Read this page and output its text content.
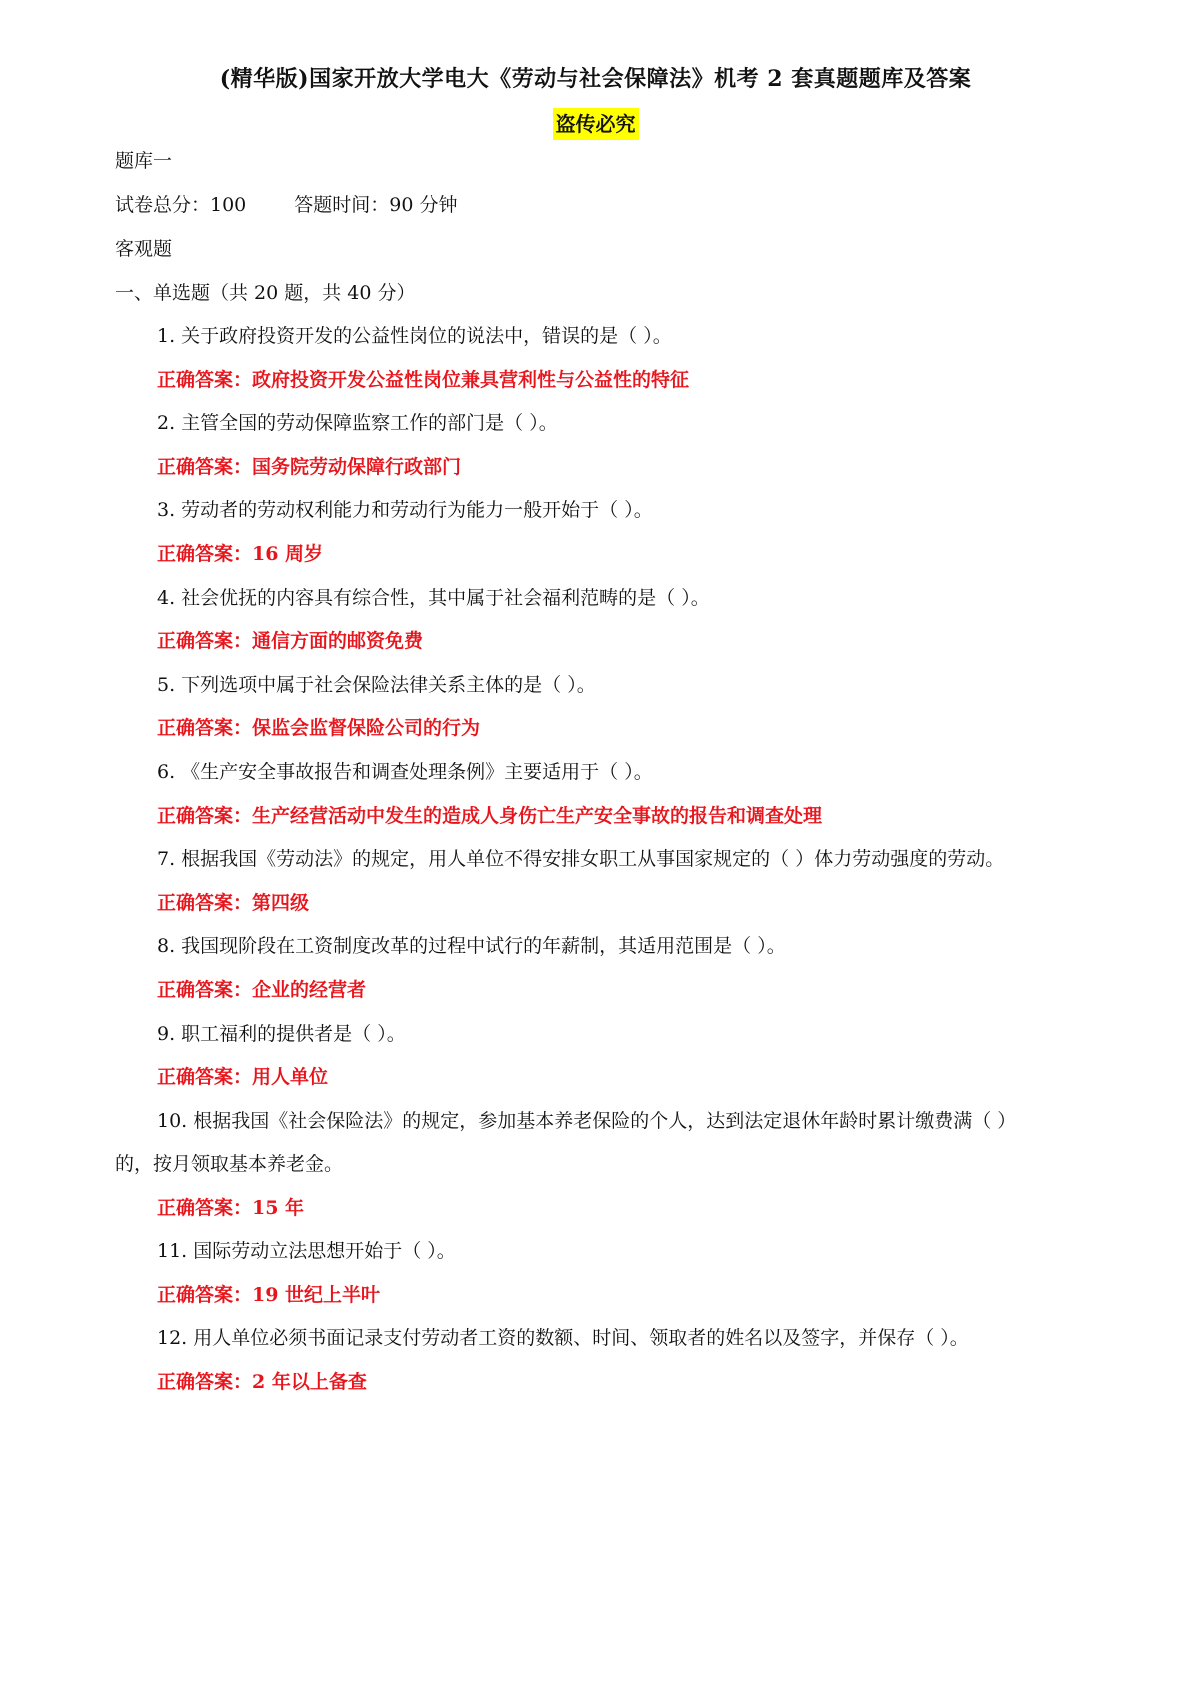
(精华版)国家开放大学电大《劳动与社会保障法》机考 2 套真题题库及答案
盗传必究
题库一
试卷总分：100	答题时间：90 分钟
客观题
一、单选题（共 20 题，共 40 分）
1. 关于政府投资开发的公益性岗位的说法中，错误的是（ ）。
正确答案：政府投资开发公益性岗位兼具营利性与公益性的特征
2. 主管全国的劳动保障监察工作的部门是（ ）。
正确答案：国务院劳动保障行政部门
3. 劳动者的劳动权利能力和劳动行为能力一般开始于（ ）。
正确答案：16 周岁
4. 社会优抚的内容具有综合性，其中属于社会福利范畴的是（ ）。
正确答案：通信方面的邮资免费
5. 下列选项中属于社会保险法律关系主体的是（ ）。
正确答案：保监会监督保险公司的行为
6. 《生产安全事故报告和调查处理条例》主要适用于（ ）。
正确答案：生产经营活动中发生的造成人身伤亡生产安全事故的报告和调查处理
7. 根据我国《劳动法》的规定，用人单位不得安排女职工从事国家规定的（ ）体力劳动强度的劳动。
正确答案：第四级
8. 我国现阶段在工资制度改革的过程中试行的年薪制，其适用范围是（ ）。
正确答案：企业的经营者
9. 职工福利的提供者是（ ）。
正确答案：用人单位
10. 根据我国《社会保险法》的规定，参加基本养老保险的个人，达到法定退休年龄时累计缴费满（ ）
的，按月领取基本养老金。
正确答案：15 年
11. 国际劳动立法思想开始于（ ）。
正确答案：19 世纪上半叶
12. 用人单位必须书面记录支付劳动者工资的数额、时间、领取者的姓名以及签字，并保存（ ）。
正确答案：2 年以上备查
